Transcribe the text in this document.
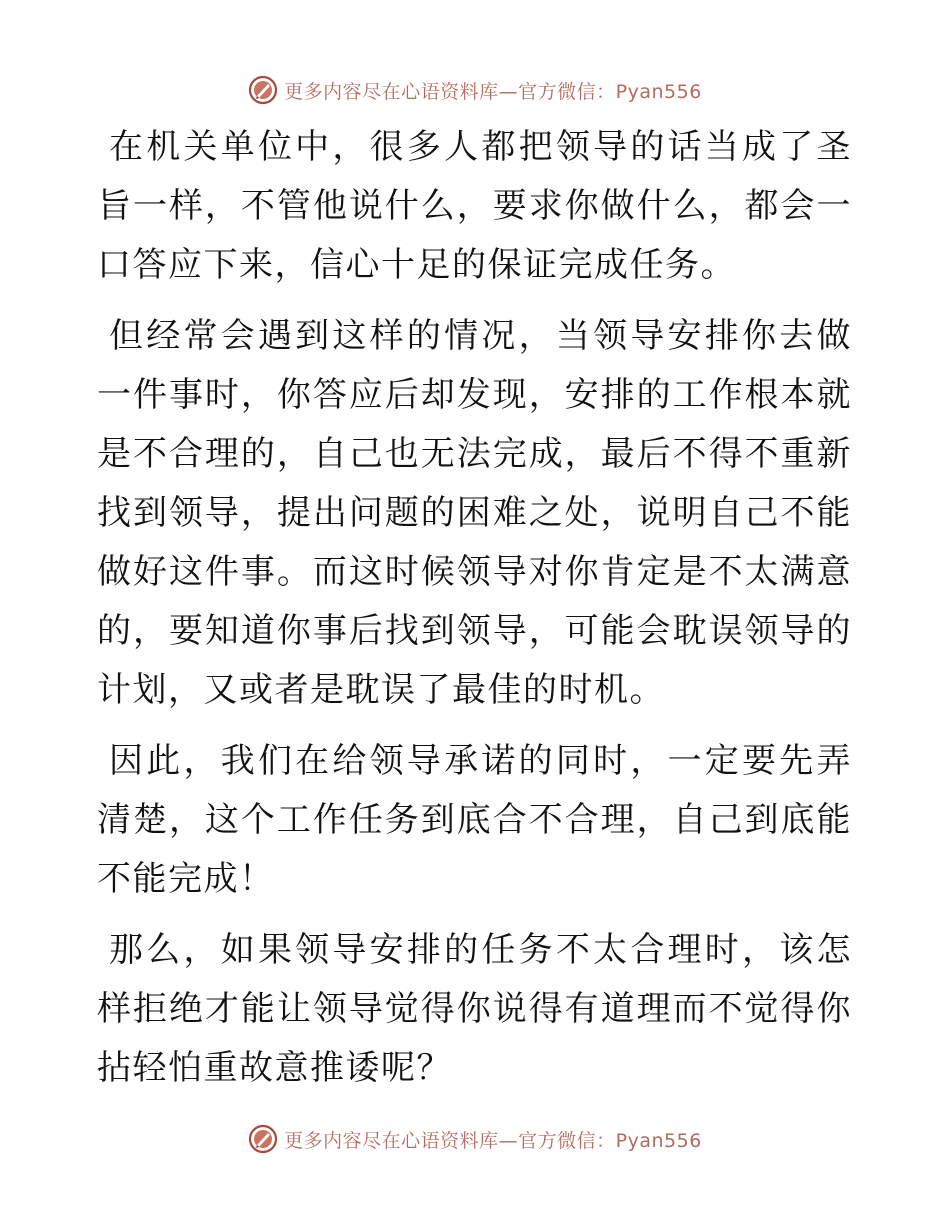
更多内容尽在心语资料库—官方微信：Pyan556

在机关单位中，很多人都把领导的话当成了圣旨一样，不管他说什么，要求你做什么，都会一口答应下来，信心十足的保证完成任务。

但经常会遇到这样的情况，当领导安排你去做一件事时，你答应后却发现，安排的工作根本就是不合理的，自己也无法完成，最后不得不重新找到领导，提出问题的困难之处，说明自己不能做好这件事。而这时候领导对你肯定是不太满意的，要知道你事后找到领导，可能会耽误领导的计划，又或者是耽误了最佳的时机。

因此，我们在给领导承诺的同时，一定要先弄清楚，这个工作任务到底合不合理，自己到底能不能完成！

那么，如果领导安排的任务不太合理时，该怎样拒绝才能让领导觉得你说得有道理而不觉得你拈轻怕重故意推诿呢？

更多内容尽在心语资料库—官方微信：Pyan556
